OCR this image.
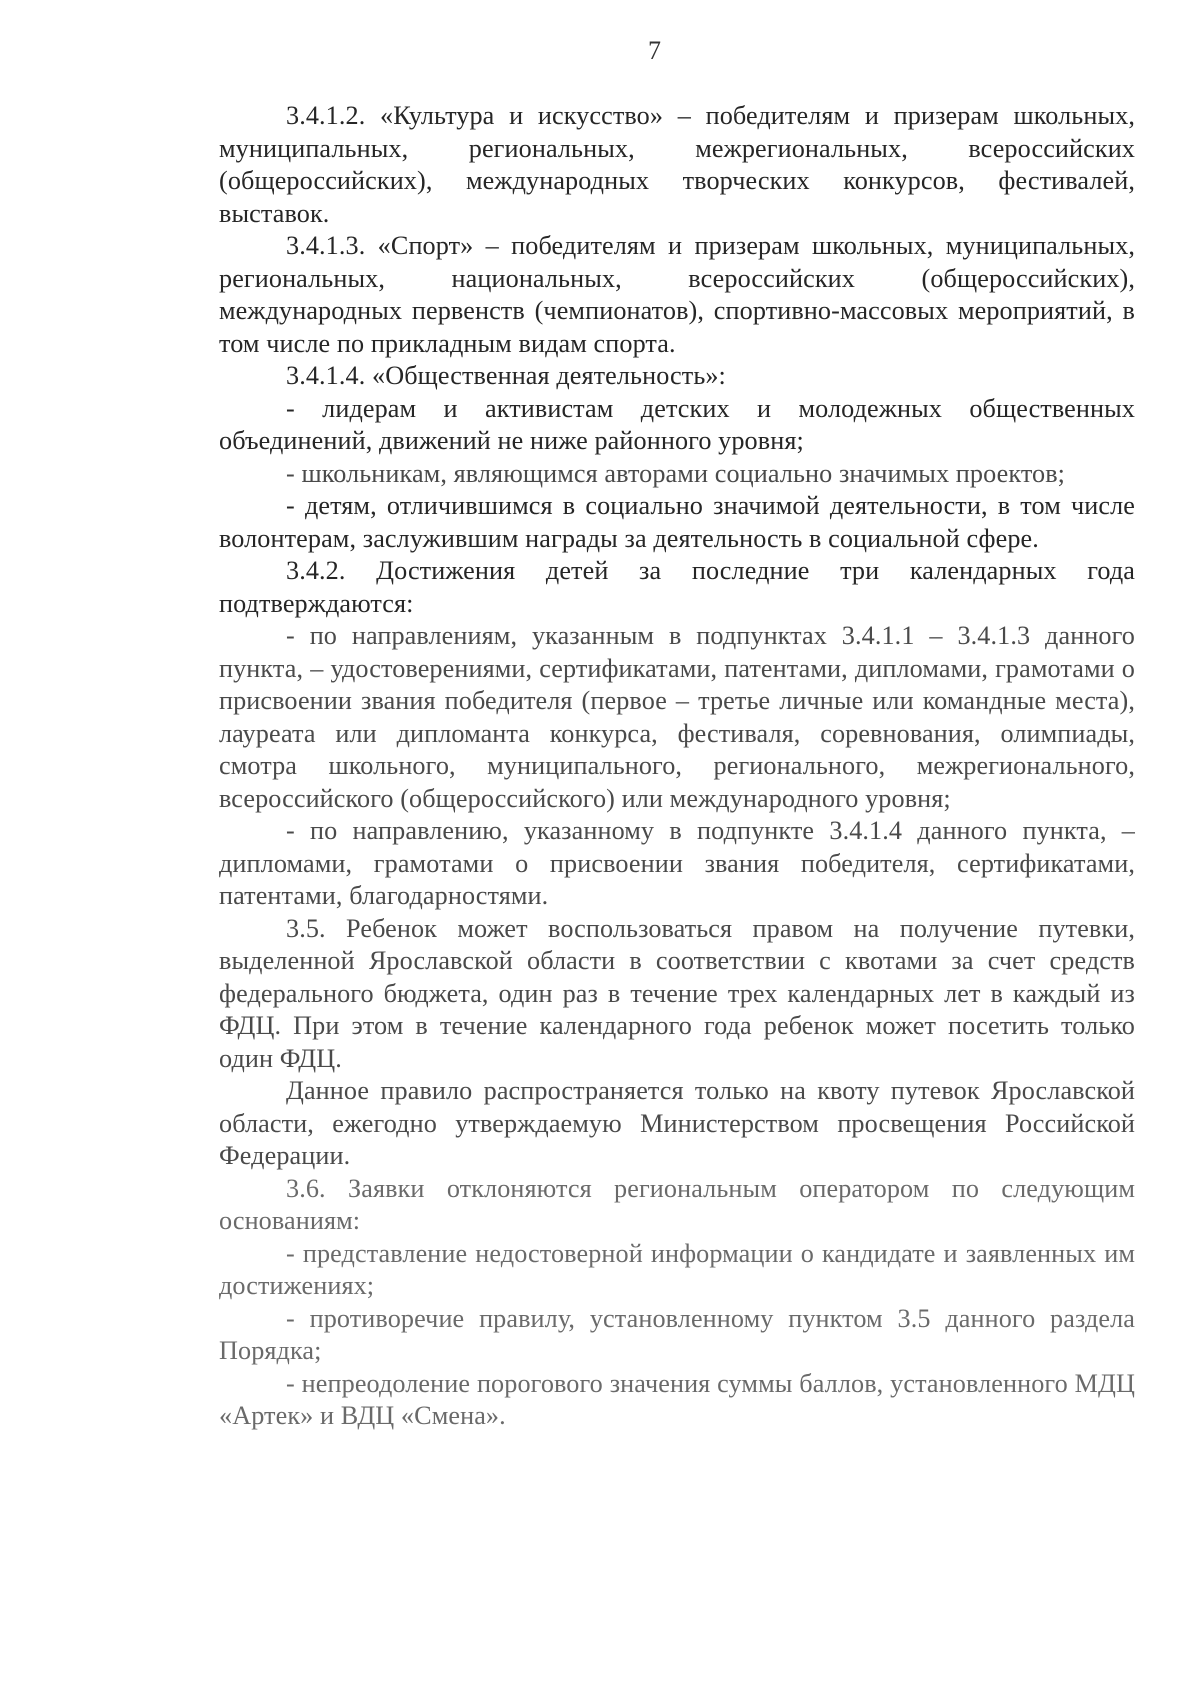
7

3.4.1.2. «Культура и искусство» – победителям и призерам школьных, муниципальных, региональных, межрегиональных, всероссийских (общероссийских), международных творческих конкурсов, фестивалей, выставок.

3.4.1.3. «Спорт» – победителям и призерам школьных, муниципальных, региональных, национальных, всероссийских (общероссийских), международных первенств (чемпионатов), спортивно-массовых мероприятий, в том числе по прикладным видам спорта.

3.4.1.4. «Общественная деятельность»:

- лидерам и активистам детских и молодежных общественных объединений, движений не ниже районного уровня;

- школьникам, являющимся авторами социально значимых проектов;

- детям, отличившимся в социально значимой деятельности, в том числе волонтерам, заслужившим награды за деятельность в социальной сфере.

3.4.2. Достижения детей за последние три календарных года подтверждаются:

- по направлениям, указанным в подпунктах 3.4.1.1 – 3.4.1.3 данного пункта, – удостоверениями, сертификатами, патентами, дипломами, грамотами о присвоении звания победителя (первое – третье личные или командные места), лауреата или дипломанта конкурса, фестиваля, соревнования, олимпиады, смотра школьного, муниципального, регионального, межрегионального, всероссийского (общероссийского) или международного уровня;

- по направлению, указанному в подпункте 3.4.1.4 данного пункта, – дипломами, грамотами о присвоении звания победителя, сертификатами, патентами, благодарностями.

3.5. Ребенок может воспользоваться правом на получение путевки, выделенной Ярославской области в соответствии с квотами за счет средств федерального бюджета, один раз в течение трех календарных лет в каждый из ФДЦ. При этом в течение календарного года ребенок может посетить только один ФДЦ.

Данное правило распространяется только на квоту путевок Ярославской области, ежегодно утверждаемую Министерством просвещения Российской Федерации.

3.6. Заявки отклоняются региональным оператором по следующим основаниям:

- представление недостоверной информации о кандидате и заявленных им достижениях;

- противоречие правилу, установленному пунктом 3.5 данного раздела Порядка;

- непреодоление порогового значения суммы баллов, установленного МДЦ «Артек» и ВДЦ «Смена».
